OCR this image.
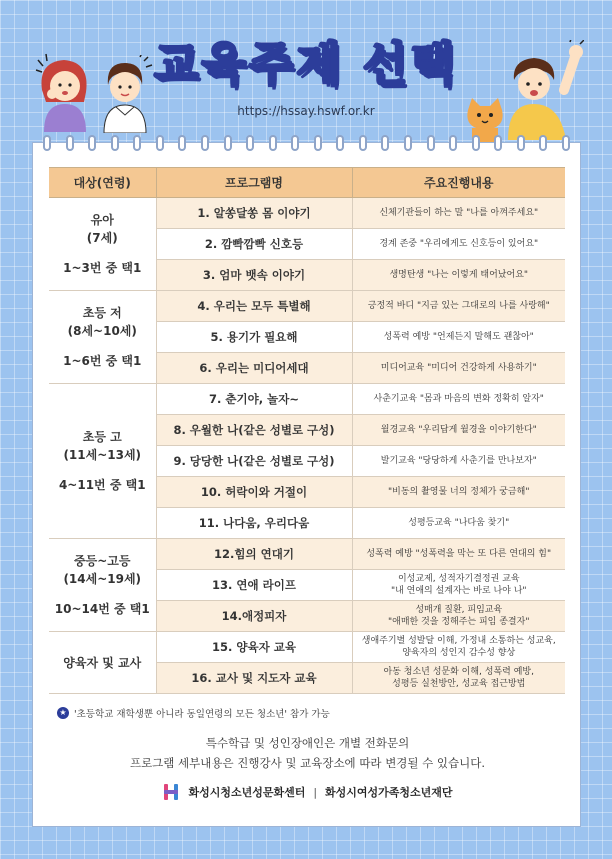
교육주제 선택
https://hssay.hswf.or.kr
대상(연령)	프로그램명	주요진행내용

유아
(7세)
1~3번 중 택1	1. 알쏭달쏭 몸 이야기	신체기관들이 하는 말 "나를 아껴주세요"
	2. 깜빡깜빡 신호등	경계 존중 "우리에게도 신호등이 있어요"
	3. 엄마 뱃속 이야기	생명탄생 "나는 이렇게 태어났어요"

초등 저
(8세~10세)
1~6번 중 택1	4. 우리는 모두 특별해	긍정적 바디 "지금 있는 그대로의 나를 사랑해"
	5. 용기가 필요해	성폭력 예방 "언제든지 말해도 괜찮아"
	6. 우리는 미디어세대	미디어교육 "미디어 건강하게 사용하기"

초등 고
(11세~13세)
4~11번 중 택1	7. 춘기야, 놀자~	사춘기교육 "몸과 마음의 변화 정확히 알자"
	8. 우월한 나(같은 성별로 구성)	월경교육 "우리답게 월경을 이야기한다"
	9. 당당한 나(같은 성별로 구성)	발기교육 "당당하게 사춘기를 만나보자"
	10. 허락이와 거절이	"비동의 촬영물 너의 정체가 궁금해"
	11. 나다움, 우리다움	성평등교육 "나다움 찾기"

중등~고등
(14세~19세)
10~14번 중 택1	12.힘의 연대기	성폭력 예방 "성폭력을 막는 또 다른 연대의 힘"
	13. 연애 라이프	이성교제, 성적자기결정권 교육
"내 연애의 설계자는 바로 나야 나"
	14.애정피자	성매개 질환, 피임교육
"애매한 것을 정해주는 피임 종결자"

양육자 및 교사	15. 양육자 교육	생애주기별 성발달 이해, 가정내 소통하는 성교육,
양육자의 성인지 감수성 향상
	16. 교사 및 지도자 교육	아동 청소년 성문화 이해, 성폭력 예방,
성평등 실천방안, 성교육 접근방법
★ '초등학교 재학생뿐 아니라 동일연령의 모든 청소년' 참가 가능
특수학급 및 성인장애인은 개별 전화문의
프로그램 세부내용은 진행강사 및 교육장소에 따라 변경될 수 있습니다.
화성시청소년성문화센터 | 화성시여성가족청소년재단
